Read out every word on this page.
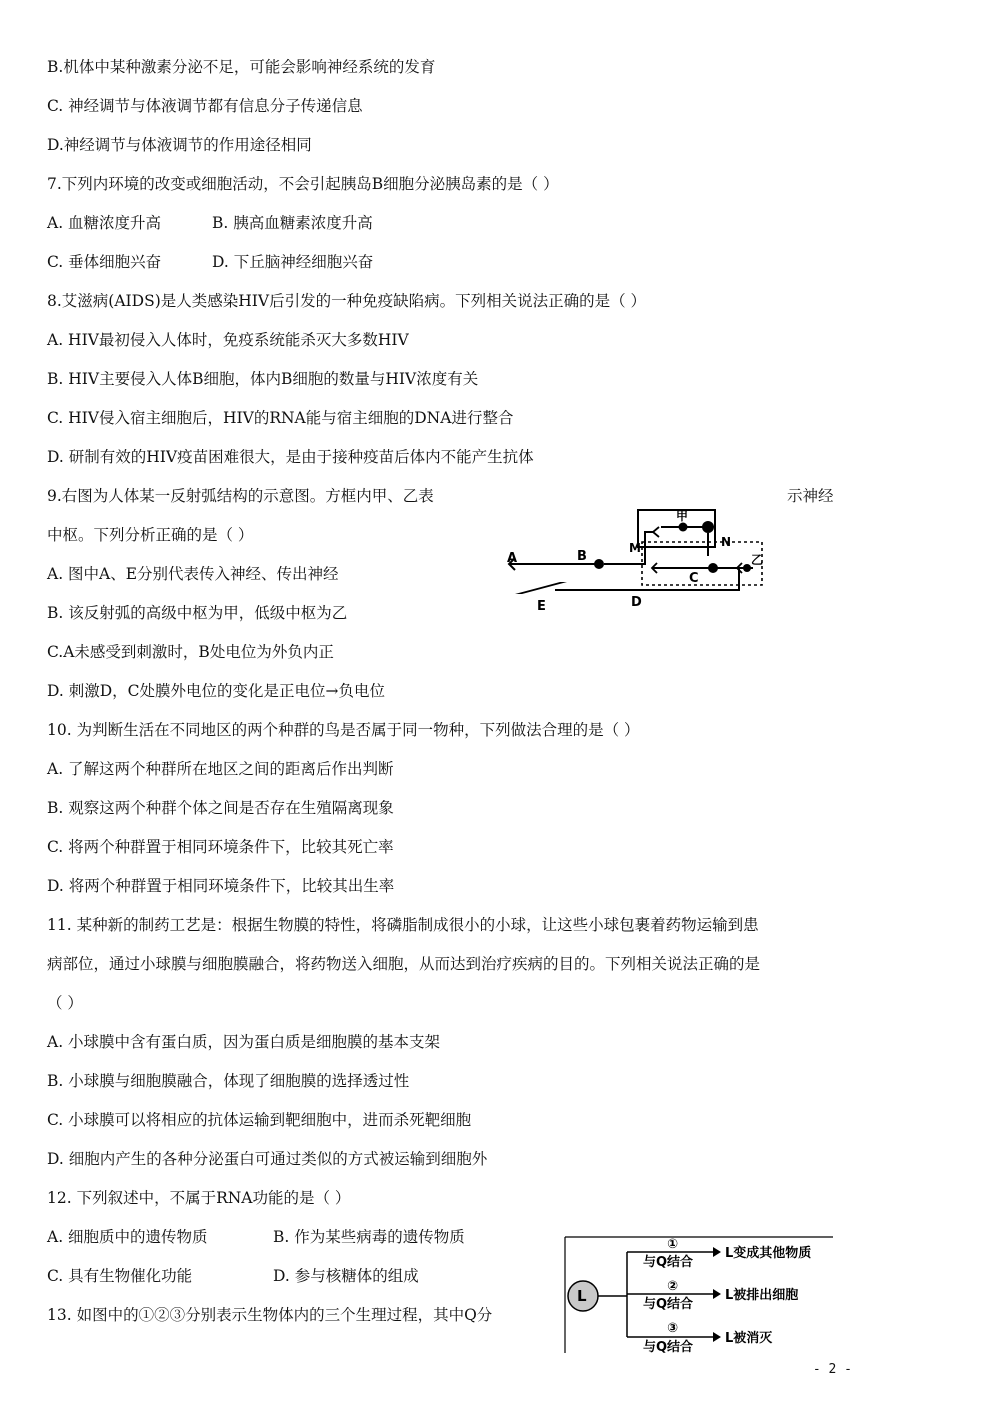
B.机体中某种激素分泌不足，可能会影响神经系统的发育
C. 神经调节与体液调节都有信息分子传递信息
D.神经调节与体液调节的作用途径相同
7.下列内环境的改变或细胞活动，不会引起胰岛B细胞分泌胰岛素的是（ ）
A. 血糖浓度升高	B. 胰高血糖素浓度升高
C. 垂体细胞兴奋	D. 下丘脑神经细胞兴奋
8.艾滋病(AIDS)是人类感染HIV后引发的一种免疫缺陷病。下列相关说法正确的是（ ）
A. HIV最初侵入人体时，免疫系统能杀灭大多数HIV
B. HIV主要侵入人体B细胞，体内B细胞的数量与HIV浓度有关
C. HIV侵入宿主细胞后，HIV的RNA能与宿主细胞的DNA进行整合
D. 研制有效的HIV疫苗困难很大，是由于接种疫苗后体内不能产生抗体
9.右图为人体某一反射弧结构的示意图。方框内甲、乙表	示神经
中枢。下列分析正确的是（ ）
A. 图中A、E分别代表传入神经、传出神经
B. 该反射弧的高级中枢为甲，低级中枢为乙
C.A未感受到刺激时，B处电位为外负内正
D. 刺激D，C处膜外电位的变化是正电位→负电位
10. 为判断生活在不同地区的两个种群的鸟是否属于同一物种，下列做法合理的是（ ）
A. 了解这两个种群所在地区之间的距离后作出判断
B. 观察这两个种群个体之间是否存在生殖隔离现象
C. 将两个种群置于相同环境条件下，比较其死亡率
D. 将两个种群置于相同环境条件下，比较其出生率
11. 某种新的制药工艺是：根据生物膜的特性，将磷脂制成很小的小球，让这些小球包裹着药物运输到患
病部位，通过小球膜与细胞膜融合，将药物送入细胞，从而达到治疗疾病的目的。下列相关说法正确的是
（ ）
A. 小球膜中含有蛋白质，因为蛋白质是细胞膜的基本支架
B. 小球膜与细胞膜融合，体现了细胞膜的选择透过性
C. 小球膜可以将相应的抗体运输到靶细胞中，进而杀死靶细胞
D. 细胞内产生的各种分泌蛋白可通过类似的方式被运输到细胞外
12. 下列叙述中，不属于RNA功能的是（ ）
A. 细胞质中的遗传物质	B. 作为某些病毒的遗传物质
C. 具有生物催化功能	D. 参与核糖体的组成
13. 如图中的①②③分别表示生物体内的三个生理过程，其中Q分
A	B
M	N
甲
乙
C
D
E
L
①
与Q结合
L变成其他物质
②
与Q结合
L被排出细胞
③
与Q结合
L被消灭
- 2 -
